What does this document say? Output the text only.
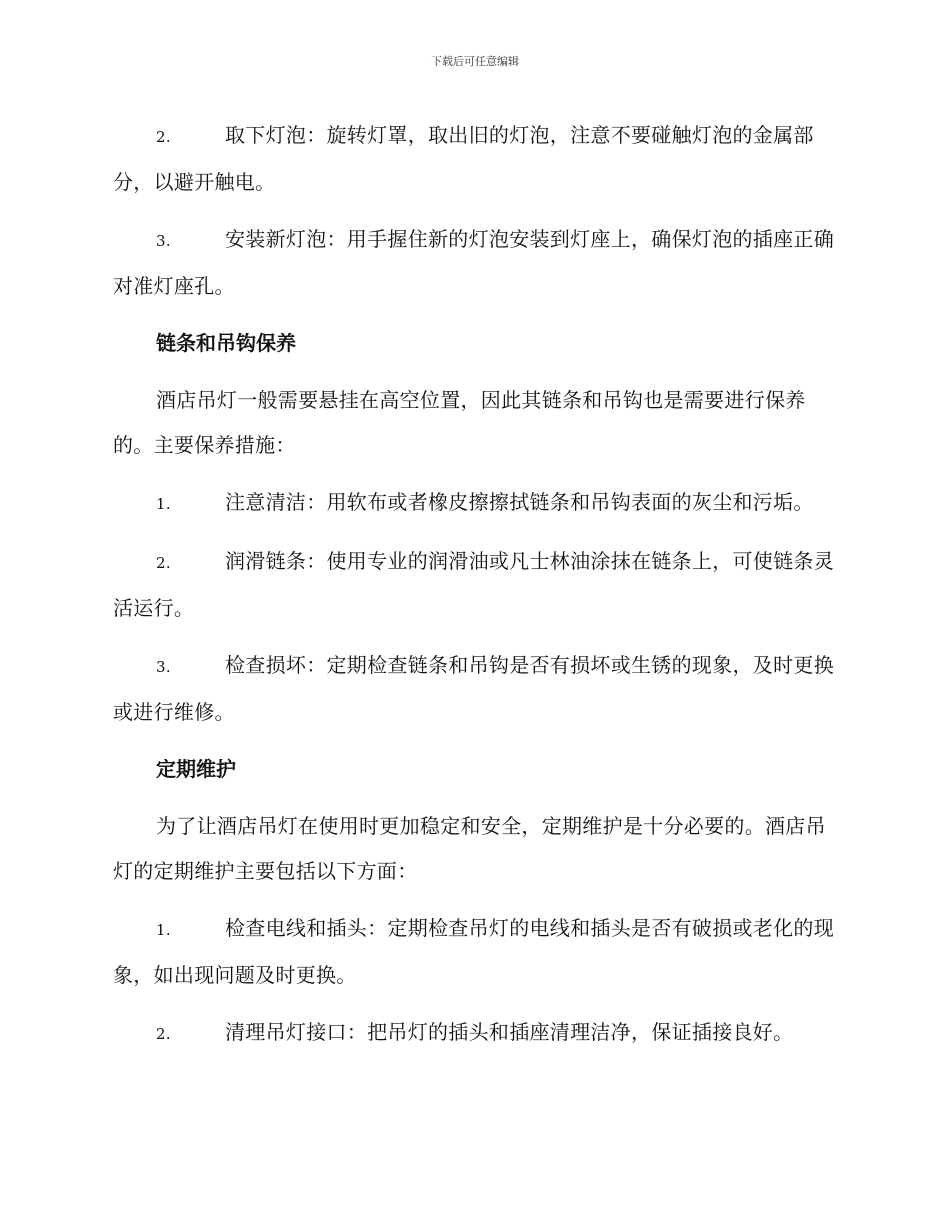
下载后可任意编辑
2.	取下灯泡：旋转灯罩，取出旧的灯泡，注意不要碰触灯泡的金属部分，以避开触电。
3.	安装新灯泡：用手握住新的灯泡安装到灯座上，确保灯泡的插座正确对准灯座孔。
链条和吊钩保养
酒店吊灯一般需要悬挂在高空位置，因此其链条和吊钩也是需要进行保养的。主要保养措施：
1.	注意清洁：用软布或者橡皮擦擦拭链条和吊钩表面的灰尘和污垢。
2.	润滑链条：使用专业的润滑油或凡士林油涂抹在链条上，可使链条灵活运行。
3.	检查损坏：定期检查链条和吊钩是否有损坏或生锈的现象，及时更换或进行维修。
定期维护
为了让酒店吊灯在使用时更加稳定和安全，定期维护是十分必要的。酒店吊灯的定期维护主要包括以下方面：
1.	检查电线和插头：定期检查吊灯的电线和插头是否有破损或老化的现象，如出现问题及时更换。
2.	清理吊灯接口：把吊灯的插头和插座清理洁净，保证插接良好。
